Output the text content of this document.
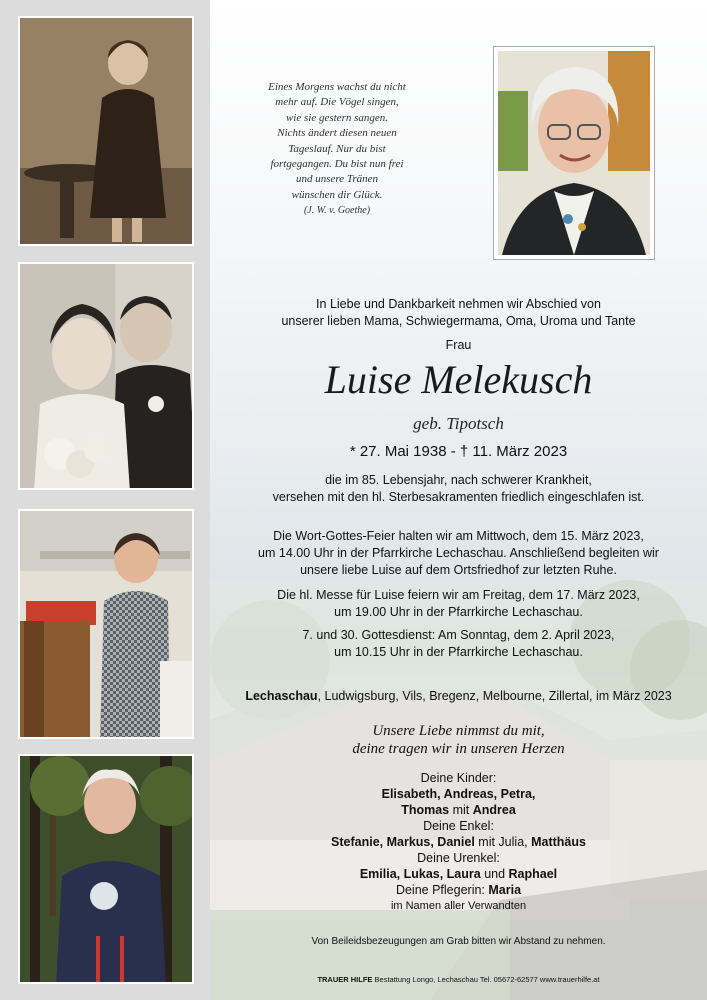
Eines Morgens wachst du nicht
mehr auf. Die Vögel singen,
wie sie gestern sangen.
Nichts ändert diesen neuen
Tageslauf. Nur du bist
fortgegangen. Du bist nun frei
und unsere Tränen
wünschen dir Glück.
(J. W. v. Goethe)
In Liebe und Dankbarkeit nehmen wir Abschied von
unserer lieben Mama, Schwiegermama, Oma, Uroma und Tante
Frau
Luise Melekusch
geb. Tipotsch
* 27. Mai 1938 - † 11. März 2023
die im 85. Lebensjahr, nach schwerer Krankheit,
versehen mit den hl. Sterbesakramenten friedlich eingeschlafen ist.
Die Wort-Gottes-Feier halten wir am Mittwoch, dem 15. März 2023,
um 14.00 Uhr in der Pfarrkirche Lechaschau. Anschließend begleiten wir
unsere liebe Luise auf dem Ortsfriedhof zur letzten Ruhe.
Die hl. Messe für Luise feiern wir am Freitag, dem 17. März 2023,
um 19.00 Uhr in der Pfarrkirche Lechaschau.
7. und 30. Gottesdienst: Am Sonntag, dem 2. April 2023,
um 10.15 Uhr in der Pfarrkirche Lechaschau.
Lechaschau, Ludwigsburg, Vils, Bregenz, Melbourne, Zillertal, im März 2023
Unsere Liebe nimmst du mit,
deine tragen wir in unseren Herzen
Deine Kinder:
Elisabeth, Andreas, Petra,
Thomas mit Andrea
Deine Enkel:
Stefanie, Markus, Daniel mit Julia, Matthäus
Deine Urenkel:
Emilia, Lukas, Laura und Raphael
Deine Pflegerin: Maria
im Namen aller Verwandten
Von Beileidsbezeugungen am Grab bitten wir Abstand zu nehmen.
TRAUER HILFE Bestattung Longo, Lechaschau Tel. 05672-62577 www.trauerhilfe.at
